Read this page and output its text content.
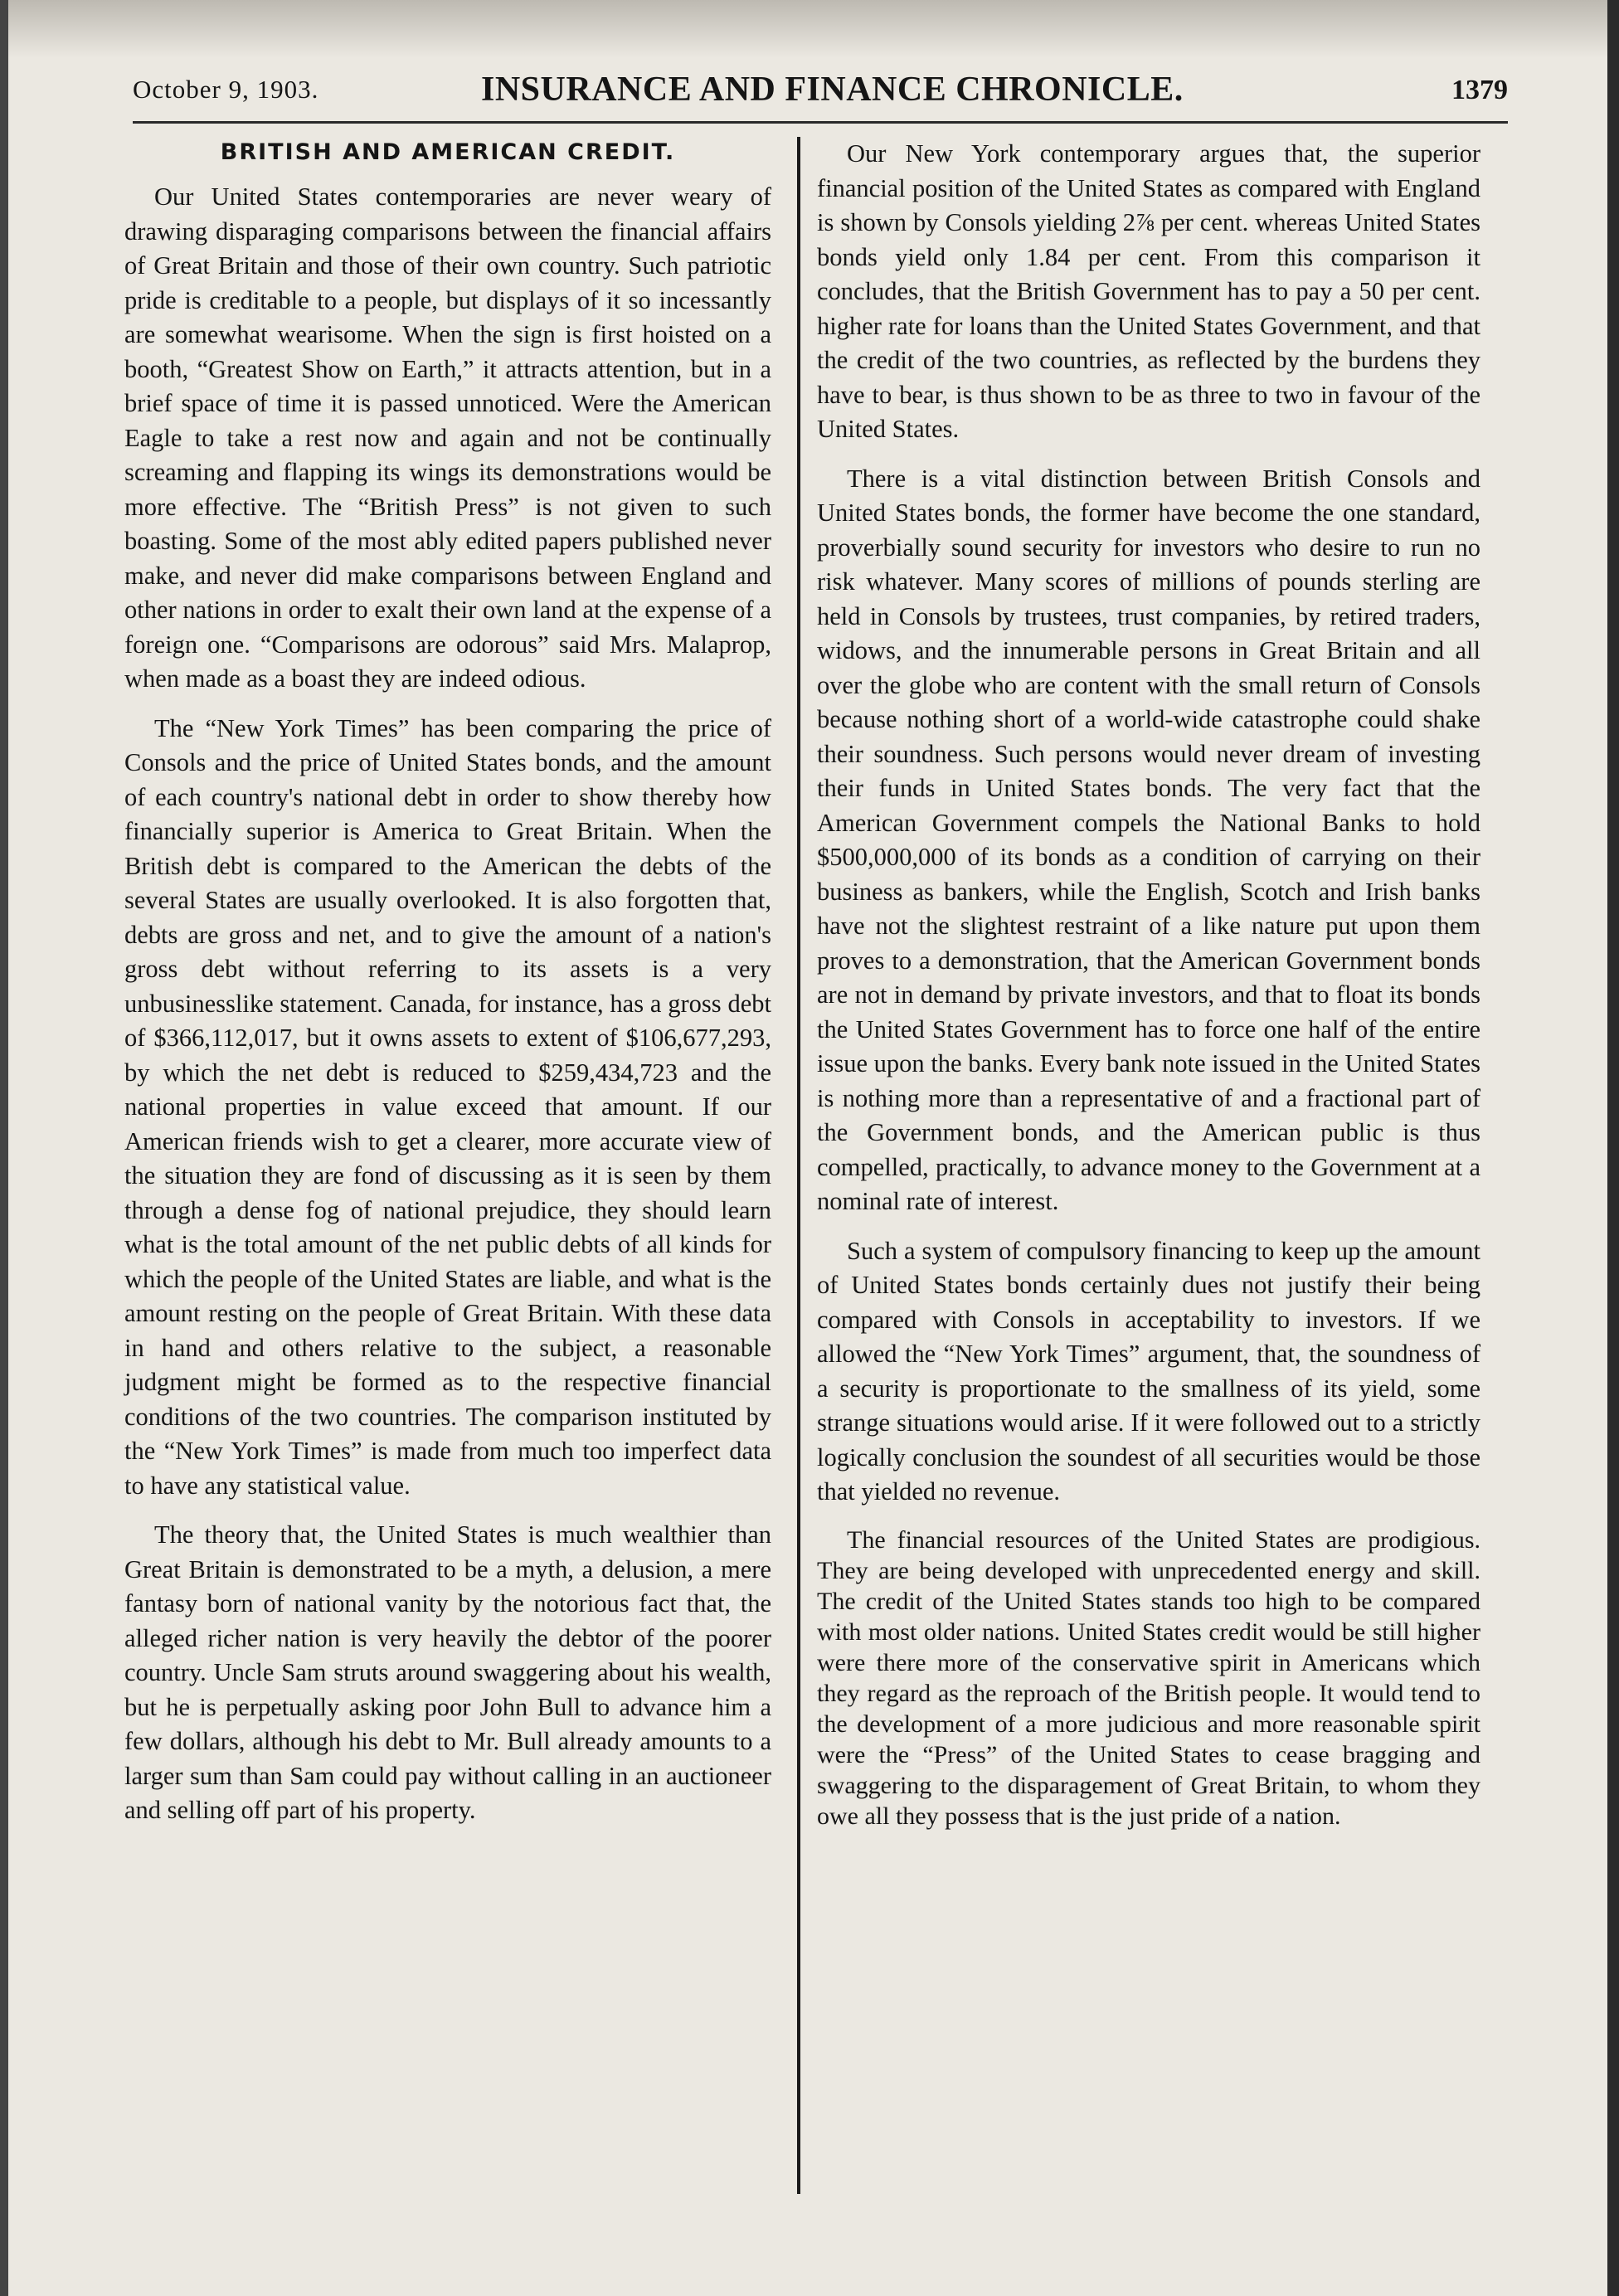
October 9, 1903.	INSURANCE AND FINANCE CHRONICLE.	1379
BRITISH AND AMERICAN CREDIT.

Our United States contemporaries are never weary of drawing disparaging comparisons between the financial affairs of Great Britain and those of their own country. Such patriotic pride is creditable to a people, but displays of it so incessantly are somewhat wearisome. When the sign is first hoisted on a booth, “Greatest Show on Earth,” it attracts attention, but in a brief space of time it is passed unnoticed. Were the American Eagle to take a rest now and again and not be continually screaming and flapping its wings its demonstrations would be more effective. The “British Press” is not given to such boasting. Some of the most ably edited papers published never make, and never did make comparisons between England and other nations in order to exalt their own land at the expense of a foreign one. “Comparisons are odorous” said Mrs. Malaprop, when made as a boast they are indeed odious.

The “New York Times” has been comparing the price of Consols and the price of United States bonds, and the amount of each country's national debt in order to show thereby how financially superior is America to Great Britain. When the British debt is compared to the American the debts of the several States are usually overlooked. It is also forgotten that, debts are gross and net, and to give the amount of a nation's gross debt without referring to its assets is a very unbusinesslike statement. Canada, for instance, has a gross debt of $366,112,017, but it owns assets to extent of $106,677,293, by which the net debt is reduced to $259,434,723 and the national properties in value exceed that amount. If our American friends wish to get a clearer, more accurate view of the situation they are fond of discussing as it is seen by them through a dense fog of national prejudice, they should learn what is the total amount of the net public debts of all kinds for which the people of the United States are liable, and what is the amount resting on the people of Great Britain. With these data in hand and others relative to the subject, a reasonable judgment might be formed as to the respective financial conditions of the two countries. The comparison instituted by the “New York Times” is made from much too imperfect data to have any statistical value.

The theory that, the United States is much wealthier than Great Britain is demonstrated to be a myth, a delusion, a mere fantasy born of national vanity by the notorious fact that, the alleged richer nation is very heavily the debtor of the poorer country. Uncle Sam struts around swaggering about his wealth, but he is perpetually asking poor John Bull to advance him a few dollars, although his debt to Mr. Bull already amounts to a larger sum than Sam could pay without calling in an auctioneer and selling off part of his property.

Our New York contemporary argues that, the superior financial position of the United States as compared with England is shown by Consols yielding 2⅞ per cent. whereas United States bonds yield only 1.84 per cent. From this comparison it concludes, that the British Government has to pay a 50 per cent. higher rate for loans than the United States Government, and that the credit of the two countries, as reflected by the burdens they have to bear, is thus shown to be as three to two in favour of the United States.

There is a vital distinction between British Consols and United States bonds, the former have become the one standard, proverbially sound security for investors who desire to run no risk whatever. Many scores of millions of pounds sterling are held in Consols by trustees, trust companies, by retired traders, widows, and the innumerable persons in Great Britain and all over the globe who are content with the small return of Consols because nothing short of a world-wide catastrophe could shake their soundness. Such persons would never dream of investing their funds in United States bonds. The very fact that the American Government compels the National Banks to hold $500,000,000 of its bonds as a condition of carrying on their business as bankers, while the English, Scotch and Irish banks have not the slightest restraint of a like nature put upon them proves to a demonstration, that the American Government bonds are not in demand by private investors, and that to float its bonds the United States Government has to force one half of the entire issue upon the banks. Every bank note issued in the United States is nothing more than a representative of and a fractional part of the Government bonds, and the American public is thus compelled, practically, to advance money to the Government at a nominal rate of interest.

Such a system of compulsory financing to keep up the amount of United States bonds certainly dues not justify their being compared with Consols in acceptability to investors. If we allowed the “New York Times” argument, that, the soundness of a security is proportionate to the smallness of its yield, some strange situations would arise. If it were followed out to a strictly logically conclusion the soundest of all securities would be those that yielded no revenue.

The financial resources of the United States are prodigious. They are being developed with unprecedented energy and skill. The credit of the United States stands too high to be compared with most older nations. United States credit would be still higher were there more of the conservative spirit in Americans which they regard as the reproach of the British people. It would tend to the development of a more judicious and more reasonable spirit were the “Press” of the United States to cease bragging and swaggering to the disparagement of Great Britain, to whom they owe all they possess that is the just pride of a nation.
